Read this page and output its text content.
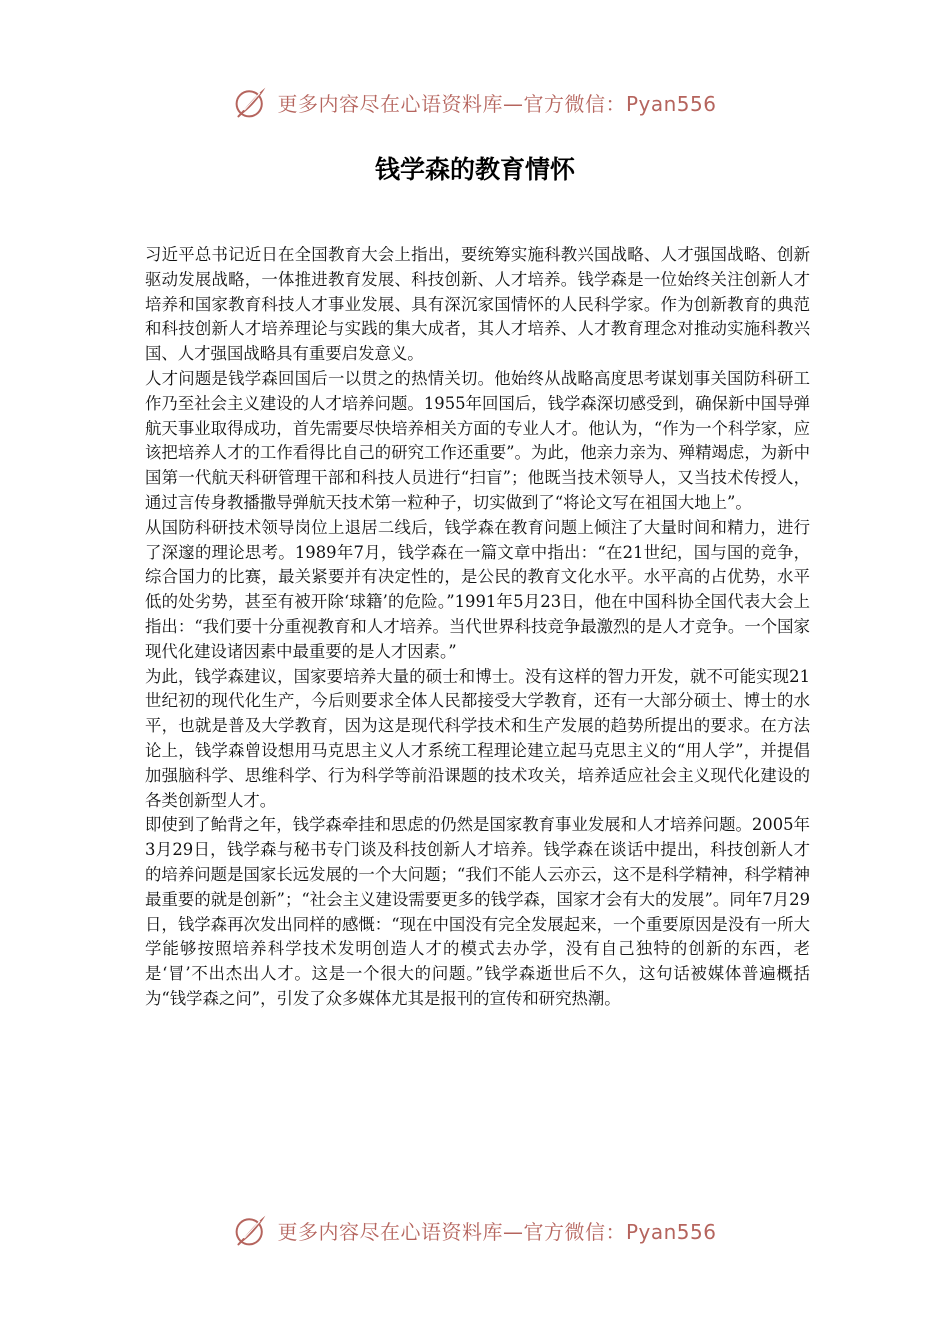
更多内容尽在心语资料库—官方微信：Pyan556
钱学森的教育情怀

习近平总书记近日在全国教育大会上指出，要统筹实施科教兴国战略、人才强国战略、创新驱动发展战略，一体推进教育发展、科技创新、人才培养。钱学森是一位始终关注创新人才培养和国家教育科技人才事业发展、具有深沉家国情怀的人民科学家。作为创新教育的典范和科技创新人才培养理论与实践的集大成者，其人才培养、人才教育理念对推动实施科教兴国、人才强国战略具有重要启发意义。

人才问题是钱学森回国后一以贯之的热情关切。他始终从战略高度思考谋划事关国防科研工作乃至社会主义建设的人才培养问题。1955年回国后，钱学森深切感受到，确保新中国导弹航天事业取得成功，首先需要尽快培养相关方面的专业人才。他认为，“作为一个科学家，应该把培养人才的工作看得比自己的研究工作还重要”。为此，他亲力亲为、殚精竭虑，为新中国第一代航天科研管理干部和科技人员进行“扫盲”；他既当技术领导人，又当技术传授人，通过言传身教播撒导弹航天技术第一粒种子，切实做到了“将论文写在祖国大地上”。

从国防科研技术领导岗位上退居二线后，钱学森在教育问题上倾注了大量时间和精力，进行了深邃的理论思考。1989年7月，钱学森在一篇文章中指出：“在21世纪，国与国的竞争，综合国力的比赛，最关紧要并有决定性的，是公民的教育文化水平。水平高的占优势，水平低的处劣势，甚至有被开除‘球籍’的危险。”1991年5月23日，他在中国科协全国代表大会上指出：“我们要十分重视教育和人才培养。当代世界科技竞争最激烈的是人才竞争。一个国家现代化建设诸因素中最重要的是人才因素。”

为此，钱学森建议，国家要培养大量的硕士和博士。没有这样的智力开发，就不可能实现21世纪初的现代化生产，今后则要求全体人民都接受大学教育，还有一大部分硕士、博士的水平，也就是普及大学教育，因为这是现代科学技术和生产发展的趋势所提出的要求。在方法论上，钱学森曾设想用马克思主义人才系统工程理论建立起马克思主义的“用人学”，并提倡加强脑科学、思维科学、行为科学等前沿课题的技术攻关，培养适应社会主义现代化建设的各类创新型人才。

即使到了鲐背之年，钱学森牵挂和思虑的仍然是国家教育事业发展和人才培养问题。2005年3月29日，钱学森与秘书专门谈及科技创新人才培养。钱学森在谈话中提出，科技创新人才的培养问题是国家长远发展的一个大问题；“我们不能人云亦云，这不是科学精神，科学精神最重要的就是创新”；“社会主义建设需要更多的钱学森，国家才会有大的发展”。同年7月29日，钱学森再次发出同样的感慨：“现在中国没有完全发展起来，一个重要原因是没有一所大学能够按照培养科学技术发明创造人才的模式去办学，没有自己独特的创新的东西，老是‘冒’不出杰出人才。这是一个很大的问题。”钱学森逝世后不久，这句话被媒体普遍概括为“钱学森之问”，引发了众多媒体尤其是报刊的宣传和研究热潮。

更多内容尽在心语资料库—官方微信：Pyan556
